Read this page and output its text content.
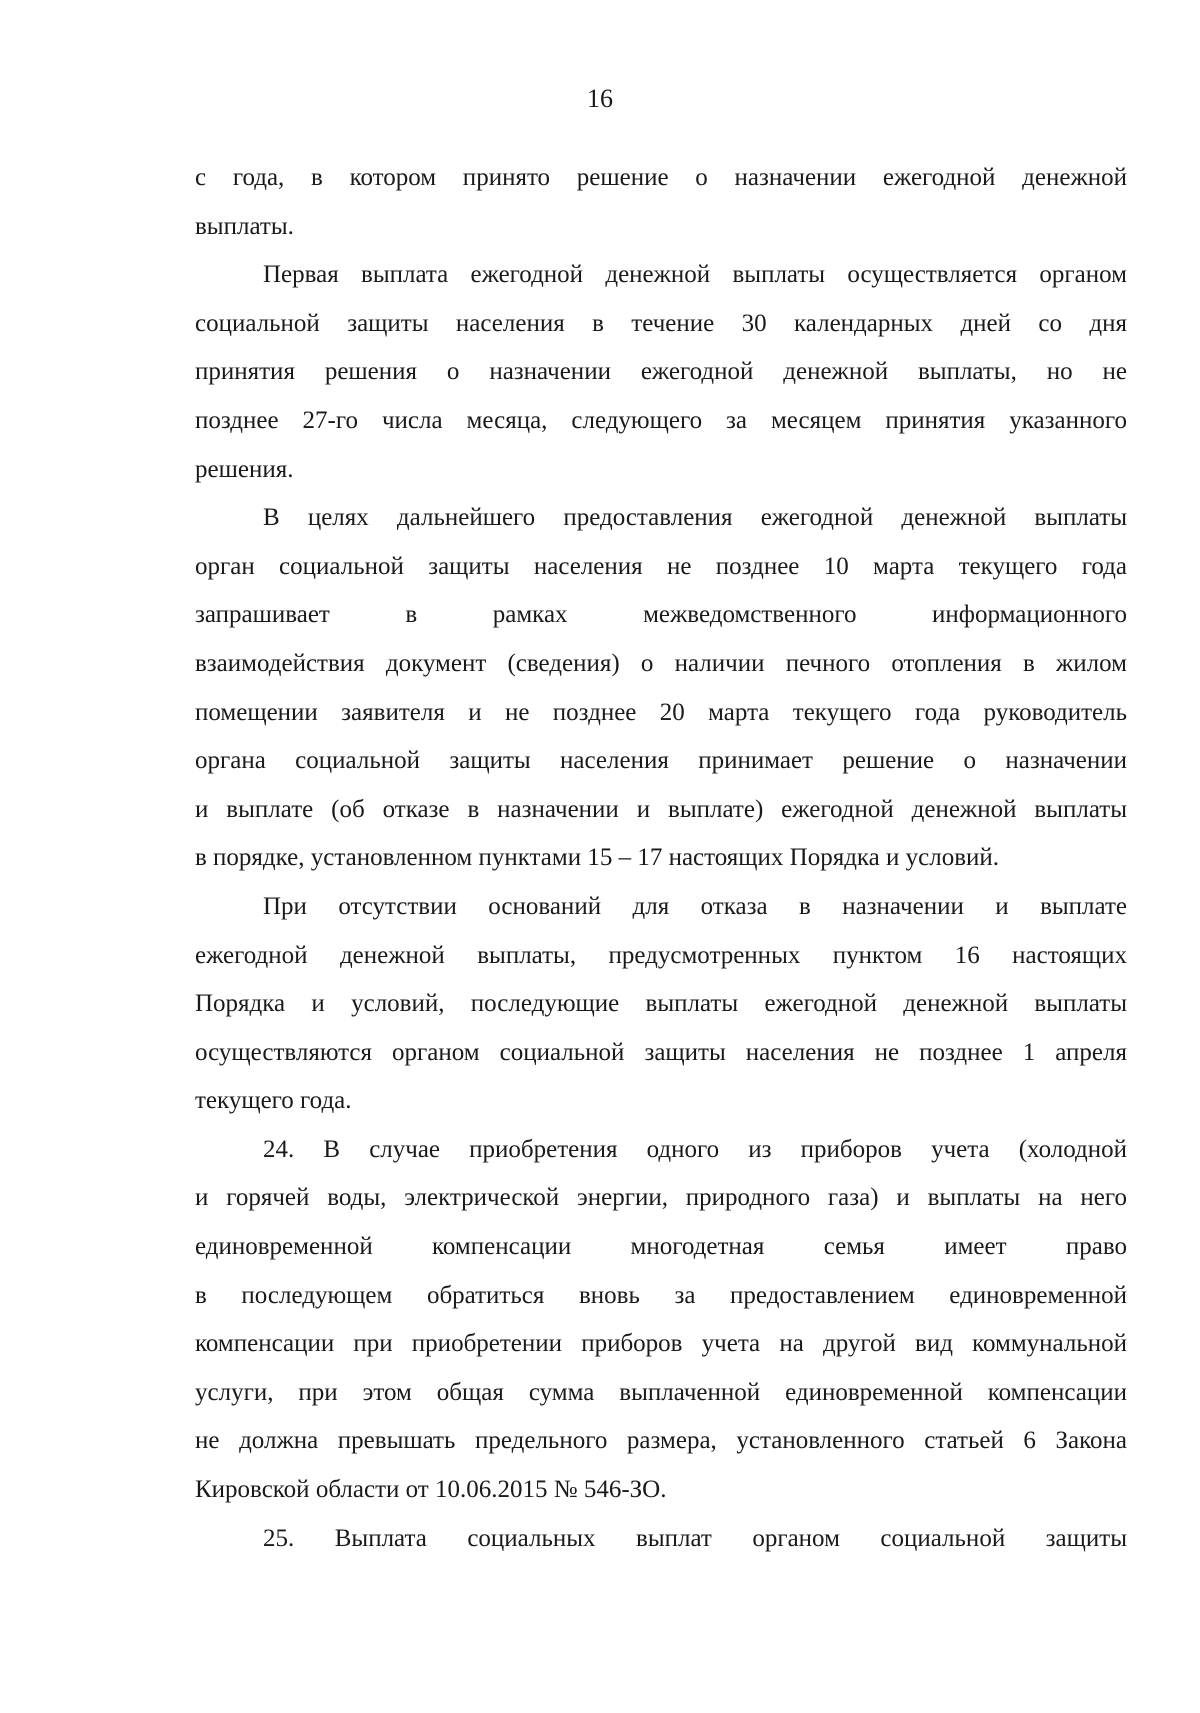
16
с года, в котором принято решение о назначении ежегодной денежной
выплаты.
Первая выплата ежегодной денежной выплаты осуществляется органом
социальной защиты населения в течение 30 календарных дней со дня
принятия решения о назначении ежегодной денежной выплаты, но не
позднее 27-го числа месяца, следующего за месяцем принятия указанного
решения.
В целях дальнейшего предоставления ежегодной денежной выплаты
орган социальной защиты населения не позднее 10 марта текущего года
запрашивает в рамках межведомственного информационного
взаимодействия документ (сведения) о наличии печного отопления в жилом
помещении заявителя и не позднее 20 марта текущего года руководитель
органа социальной защиты населения принимает решение о назначении
и выплате (об отказе в назначении и выплате) ежегодной денежной выплаты
в порядке, установленном пунктами 15 – 17 настоящих Порядка и условий.
При отсутствии оснований для отказа в назначении и выплате
ежегодной денежной выплаты, предусмотренных пунктом 16 настоящих
Порядка и условий, последующие выплаты ежегодной денежной выплаты
осуществляются органом социальной защиты населения не позднее 1 апреля
текущего года.
24. В случае приобретения одного из приборов учета (холодной
и горячей воды, электрической энергии, природного газа) и выплаты на него
единовременной компенсации многодетная семья имеет право
в последующем обратиться вновь за предоставлением единовременной
компенсации при приобретении приборов учета на другой вид коммунальной
услуги, при этом общая сумма выплаченной единовременной компенсации
не должна превышать предельного размера, установленного статьей 6 Закона
Кировской области от 10.06.2015 № 546-ЗО.
25. Выплата социальных выплат органом социальной защиты
